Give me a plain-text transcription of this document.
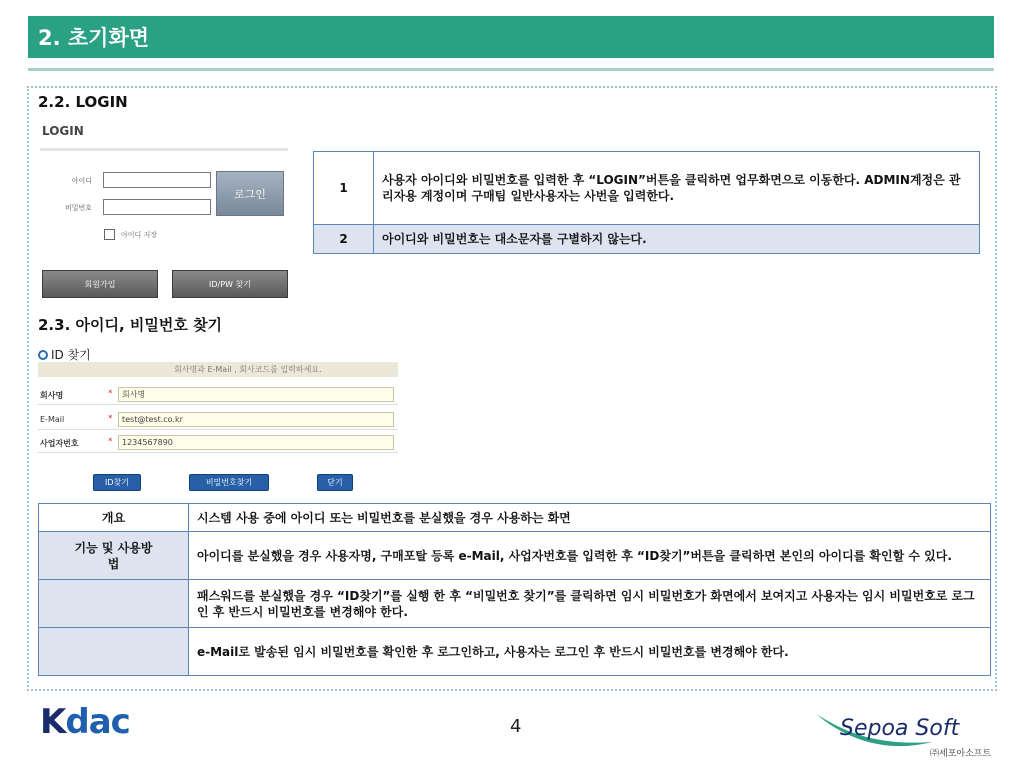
2. 초기화면
2.2. LOGIN
LOGIN
아이디
비밀번호
로그인
아이디 저장
회원가입	ID/PW 찾기
1	사용자 아이디와 비밀번호를 입력한 후 “LOGIN”버튼을 클릭하면 업무화면으로 이동한다. ADMIN계정은 관리자용 계정이며 구매팀 일반사용자는 사번을 입력한다.
2	아이디와 비밀번호는 대소문자를 구별하지 않는다.
2.3. 아이디, 비밀번호 찾기
ID 찾기
회사명과 E-Mail , 회사코드를 입력하세요.
회사명	*	회사명
E-Mail	*	test@test.co.kr
사업자번호	*	1234567890
ID찾기	비밀번호찾기	닫기
개요	시스템 사용 중에 아이디 또는 비밀번호를 분실했을 경우 사용하는 화면
기능 및 사용방법	아이디를 분실했을 경우 사용자명, 구매포탈 등록 e-Mail, 사업자번호를 입력한 후 “ID찾기”버튼을 클릭하면 본인의 아이디를 확인할 수 있다.
	패스워드를 분실했을 경우 “ID찾기”를 실행 한 후 “비밀번호 찾기”를 클릭하면 임시 비밀번호가 화면에서 보여지고 사용자는 임시 비밀번호로 로그인 후 반드시 비밀번호를 변경해야 한다.
	e-Mail로 발송된 임시 비밀번호를 확인한 후 로그인하고, 사용자는 로그인 후 반드시 비밀번호를 변경해야 한다.
Kdac	4	Sepoa Soft
㈜세포아소프트
